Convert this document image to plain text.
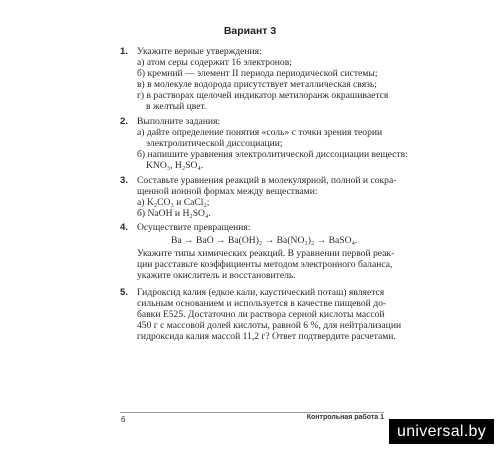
Вариант 3
1. Укажите верные утверждения:
а) атом серы содержит 16 электронов;
б) кремний — элемент II периода периодической системы;
в) в молекуле водорода присутствует металлическая связь;
г) в растворах щелочей индикатор метилоранж окрашивается
в желтый цвет.
2. Выполните задания:
а) дайте определение понятия «соль» с точки зрения теории
электролитической диссоциации;
б) напишите уравнения электролитической диссоциации веществ:
KNO₃, H₂SO₄.
3. Составьте уравнения реакций в молекулярной, полной и сокра-
щенной ионной формах между веществами:
а) K₂CO₃ и CaCl₂;
б) NaOH и H₂SO₄.
4. Осуществите превращения:
Ba → BaO → Ba(OH)₂ → Ba(NO₃)₂ → BaSO₄.
Укажите типы химических реакций. В уравнении первой реак-
ции расставьте коэффициенты методом электронного баланса,
укажите окислитель и восстановитель.
5. Гидроксид калия (едкое кали, каустический поташ) является
сильным основанием и используется в качестве пищевой до-
бавки Е525. Достаточно ли раствора серной кислоты массой
450 г с массовой долей кислоты, равной 6 %, для нейтрализации
гидроксида калия массой 11,2 г? Ответ подтвердите расчетами.
6	Контрольная работа 1
universal.by
